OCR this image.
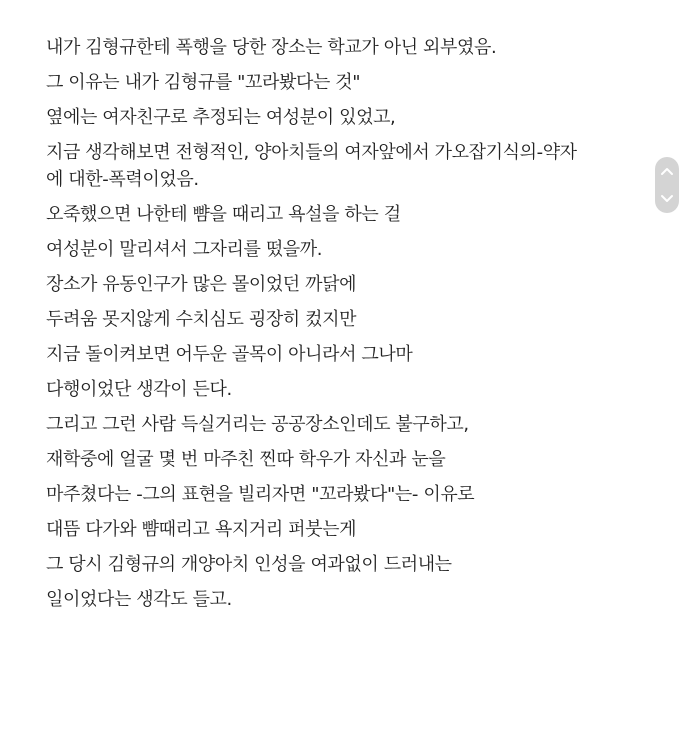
내가 김형규한테 폭행을 당한 장소는 학교가 아닌 외부였음.
그 이유는 내가 김형규를 "꼬라봤다는 것"
옆에는 여자친구로 추정되는 여성분이 있었고,
지금 생각해보면 전형적인, 양아치들의 여자앞에서 가오잡기식의-약자
에 대한-폭력이었음.
오죽했으면 나한테 뺨을 때리고 욕설을 하는 걸
여성분이 말리셔서 그자리를 떴을까.
장소가 유동인구가 많은 몰이었던 까닭에
두려움 못지않게 수치심도 굉장히 컸지만
지금 돌이켜보면 어두운 골목이 아니라서 그나마
다행이었단 생각이 든다.
그리고 그런 사람 득실거리는 공공장소인데도 불구하고,
재학중에 얼굴 몇 번 마주친 찐따 학우가 자신과 눈을
마주쳤다는 -그의 표현을 빌리자면 "꼬라봤다"는- 이유로
대뜸 다가와 뺨때리고 욕지거리 퍼붓는게
그 당시 김형규의 개양아치 인성을 여과없이 드러내는
일이었다는 생각도 들고.
